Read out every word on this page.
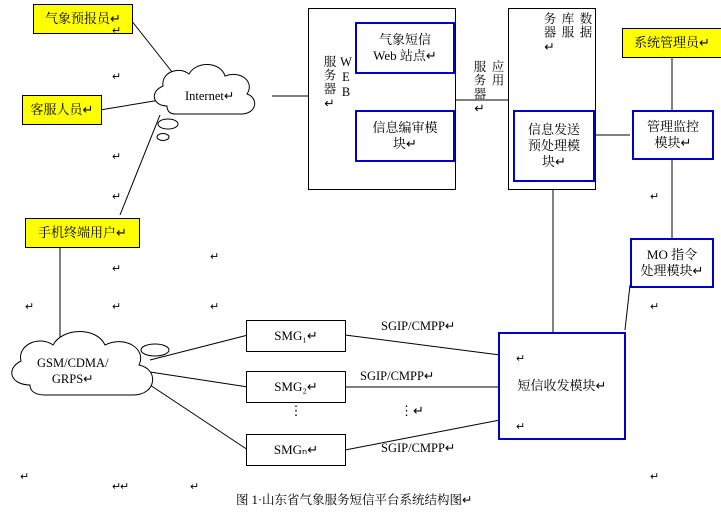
Internet↵
GSM/CDMA/
GRPS↵
气象预报员↵
客服人员↵
手机终端用户↵
系统管理员↵
WEB
服务器↵	应用
服务器↵
数据
库服
务器↵
气象短信
Web 站点↵
信息编审模
块↵
信息发送
预处理模
块↵
管理监控
模块↵
MO 指令
处理模块↵
短信收发模块↵
SMG₁↵
SMG₂↵
SMGₙ↵
⋮	⋮↵
SGIP/CMPP↵
SGIP/CMPP↵
SGIP/CMPP↵
↵
↵
↵
↵
↵
↵
↵
↵
↵
↵
↵
↵
↵
↵
↵
↵
↵
↵
图 1·山东省气象服务短信平台系统结构图↵
